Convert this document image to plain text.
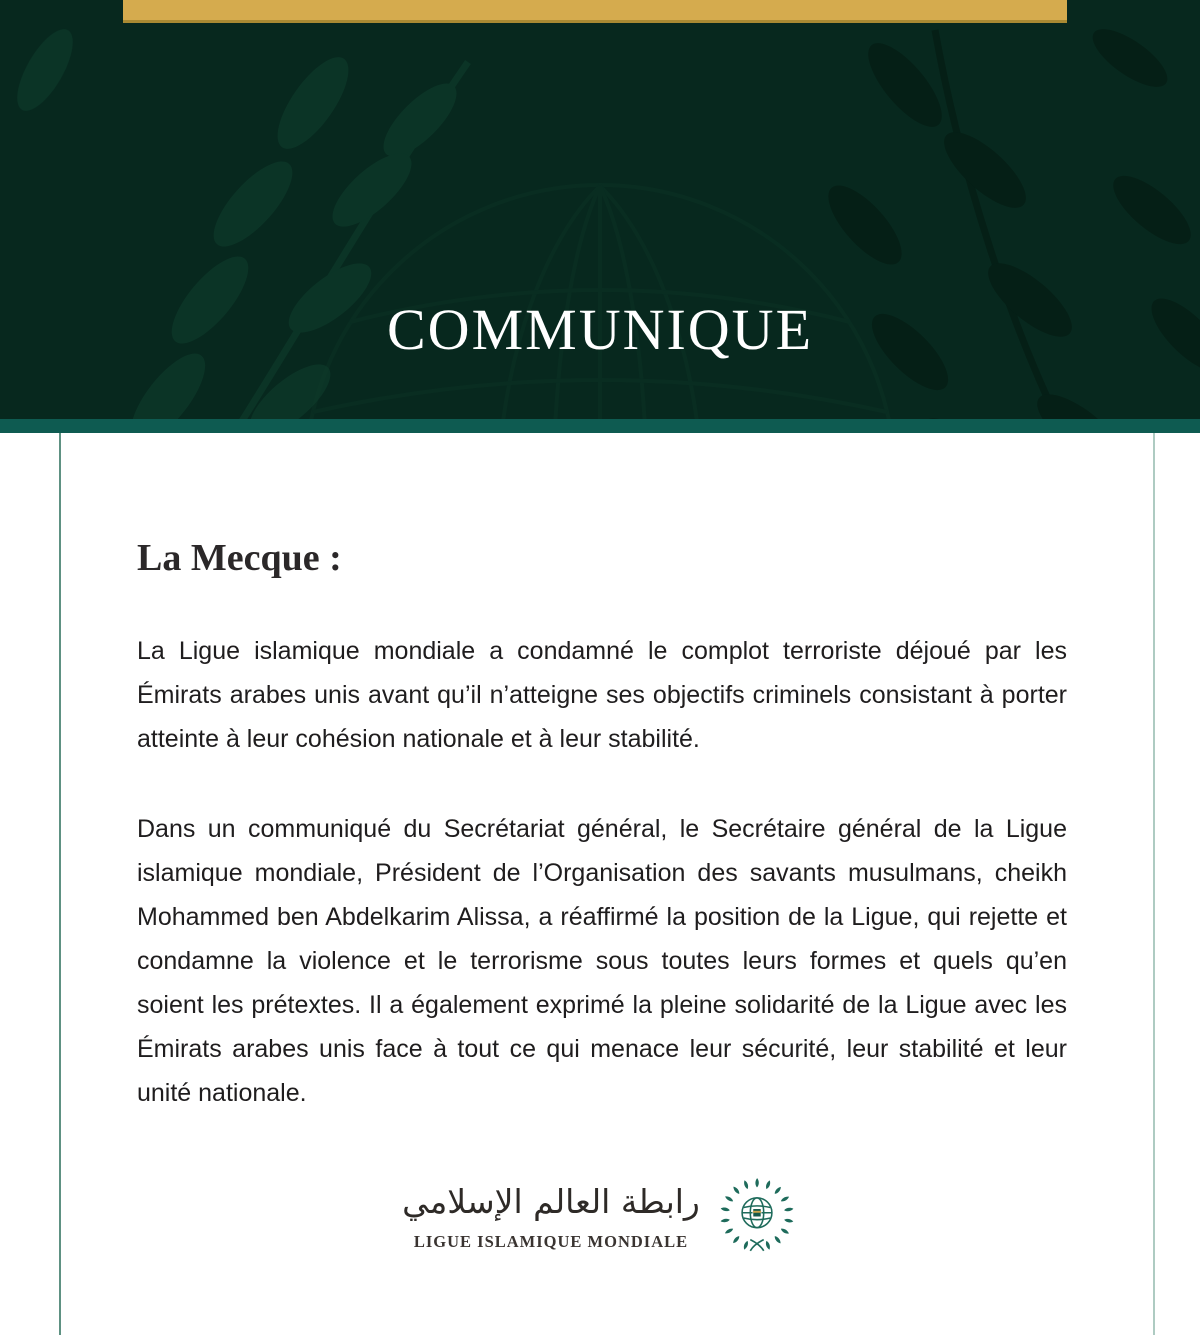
COMMUNIQUE
La Mecque :

La Ligue islamique mondiale a condamné le complot terroriste déjoué par les Émirats arabes unis avant qu’il n’atteigne ses objectifs criminels consistant à porter atteinte à leur cohésion nationale et à leur stabilité.

Dans un communiqué du Secrétariat général, le Secrétaire général de la Ligue islamique mondiale, Président de l’Organisation des savants musulmans, cheikh Mohammed ben Abdelkarim Alissa, a réaffirmé la position de la Ligue, qui rejette et condamne la violence et le terrorisme sous toutes leurs formes et quels qu’en soient les prétextes. Il a également exprimé la pleine solidarité de la Ligue avec les Émirats arabes unis face à tout ce qui menace leur sécurité, leur stabilité et leur unité nationale.

رابطة العالم الإسلامي
LIGUE ISLAMIQUE MONDIALE
